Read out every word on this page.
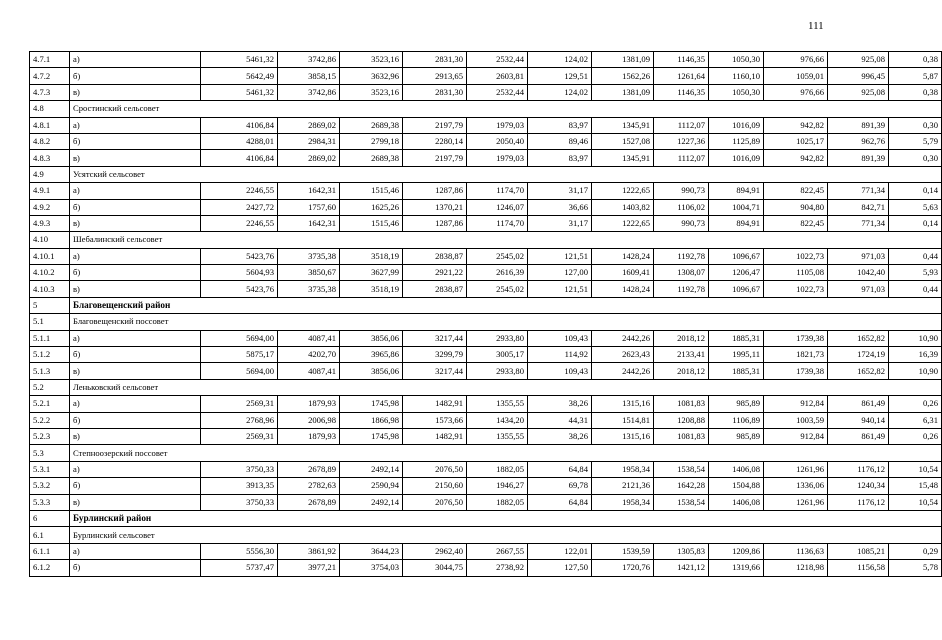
111
4.7.1	а)	5461,32	3742,86	3523,16	2831,30	2532,44	124,02	1381,09	1146,35	1050,30	976,66	925,08	0,38
4.7.2	б)	5642,49	3858,15	3632,96	2913,65	2603,81	129,51	1562,26	1261,64	1160,10	1059,01	996,45	5,87
4.7.3	в)	5461,32	3742,86	3523,16	2831,30	2532,44	124,02	1381,09	1146,35	1050,30	976,66	925,08	0,38
4.8	Сростинский сельсовет												
4.8.1	а)	4106,84	2869,02	2689,38	2197,79	1979,03	83,97	1345,91	1112,07	1016,09	942,82	891,39	0,30
4.8.2	б)	4288,01	2984,31	2799,18	2280,14	2050,40	89,46	1527,08	1227,36	1125,89	1025,17	962,76	5,79
4.8.3	в)	4106,84	2869,02	2689,38	2197,79	1979,03	83,97	1345,91	1112,07	1016,09	942,82	891,39	0,30
4.9	Усятский сельсовет												
4.9.1	а)	2246,55	1642,31	1515,46	1287,86	1174,70	31,17	1222,65	990,73	894,91	822,45	771,34	0,14
4.9.2	б)	2427,72	1757,60	1625,26	1370,21	1246,07	36,66	1403,82	1106,02	1004,71	904,80	842,71	5,63
4.9.3	в)	2246,55	1642,31	1515,46	1287,86	1174,70	31,17	1222,65	990,73	894,91	822,45	771,34	0,14
4.10	Шебалинский сельсовет												
4.10.1	а)	5423,76	3735,38	3518,19	2838,87	2545,02	121,51	1428,24	1192,78	1096,67	1022,73	971,03	0,44
4.10.2	б)	5604,93	3850,67	3627,99	2921,22	2616,39	127,00	1609,41	1308,07	1206,47	1105,08	1042,40	5,93
4.10.3	в)	5423,76	3735,38	3518,19	2838,87	2545,02	121,51	1428,24	1192,78	1096,67	1022,73	971,03	0,44
5	Благовещенский район												
5.1	Благовещенский поссовет												
5.1.1	а)	5694,00	4087,41	3856,06	3217,44	2933,80	109,43	2442,26	2018,12	1885,31	1739,38	1652,82	10,90
5.1.2	б)	5875,17	4202,70	3965,86	3299,79	3005,17	114,92	2623,43	2133,41	1995,11	1821,73	1724,19	16,39
5.1.3	в)	5694,00	4087,41	3856,06	3217,44	2933,80	109,43	2442,26	2018,12	1885,31	1739,38	1652,82	10,90
5.2	Леньковский сельсовет												
5.2.1	а)	2569,31	1879,93	1745,98	1482,91	1355,55	38,26	1315,16	1081,83	985,89	912,84	861,49	0,26
5.2.2	б)	2768,96	2006,98	1866,98	1573,66	1434,20	44,31	1514,81	1208,88	1106,89	1003,59	940,14	6,31
5.2.3	в)	2569,31	1879,93	1745,98	1482,91	1355,55	38,26	1315,16	1081,83	985,89	912,84	861,49	0,26
5.3	Степноозерский поссовет												
5.3.1	а)	3750,33	2678,89	2492,14	2076,50	1882,05	64,84	1958,34	1538,54	1406,08	1261,96	1176,12	10,54
5.3.2	б)	3913,35	2782,63	2590,94	2150,60	1946,27	69,78	2121,36	1642,28	1504,88	1336,06	1240,34	15,48
5.3.3	в)	3750,33	2678,89	2492,14	2076,50	1882,05	64,84	1958,34	1538,54	1406,08	1261,96	1176,12	10,54
6	Бурлинский район												
6.1	Бурлинский сельсовет												
6.1.1	а)	5556,30	3861,92	3644,23	2962,40	2667,55	122,01	1539,59	1305,83	1209,86	1136,63	1085,21	0,29
6.1.2	б)	5737,47	3977,21	3754,03	3044,75	2738,92	127,50	1720,76	1421,12	1319,66	1218,98	1156,58	5,78
